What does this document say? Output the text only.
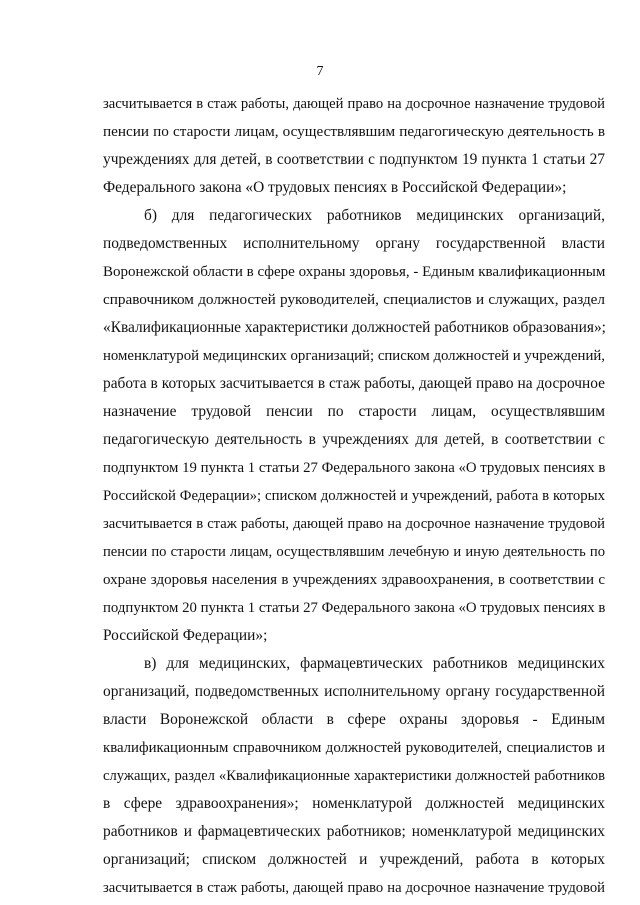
7
засчитывается в стаж работы, дающей право на досрочное назначение трудовой
пенсии по старости лицам, осуществлявшим педагогическую деятельность в
учреждениях для детей, в соответствии с подпунктом 19 пункта 1 статьи 27
Федерального закона «О трудовых пенсиях в Российской Федерации»;
б) для педагогических работников медицинских организаций,
подведомственных исполнительному органу государственной власти
Воронежской области в сфере охраны здоровья, - Единым квалификационным
справочником должностей руководителей, специалистов и служащих, раздел
«Квалификационные характеристики должностей работников образования»;
номенклатурой медицинских организаций; списком должностей и учреждений,
работа в которых засчитывается в стаж работы, дающей право на досрочное
назначение трудовой пенсии по старости лицам, осуществлявшим
педагогическую деятельность в учреждениях для детей, в соответствии с
подпунктом 19 пункта 1 статьи 27 Федерального закона «О трудовых пенсиях в
Российской Федерации»; списком должностей и учреждений, работа в которых
засчитывается в стаж работы, дающей право на досрочное назначение трудовой
пенсии по старости лицам, осуществлявшим лечебную и иную деятельность по
охране здоровья населения в учреждениях здравоохранения, в соответствии с
подпунктом 20 пункта 1 статьи 27 Федерального закона «О трудовых пенсиях в
Российской Федерации»;
в) для медицинских, фармацевтических работников медицинских
организаций, подведомственных исполнительному органу государственной
власти Воронежской области в сфере охраны здоровья - Единым
квалификационным справочником должностей руководителей, специалистов и
служащих, раздел «Квалификационные характеристики должностей работников
в сфере здравоохранения»; номенклатурой должностей медицинских
работников и фармацевтических работников; номенклатурой медицинских
организаций; списком должностей и учреждений, работа в которых
засчитывается в стаж работы, дающей право на досрочное назначение трудовой
